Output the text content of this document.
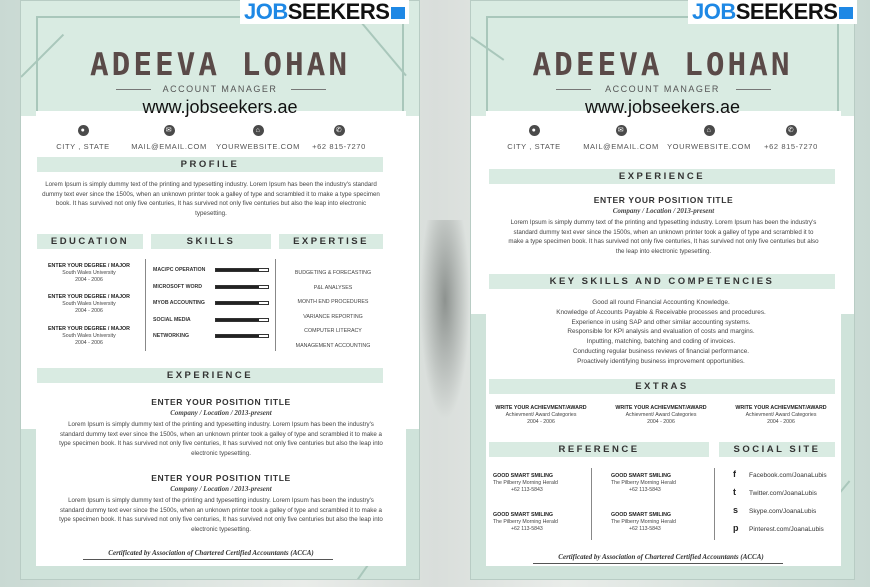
ADEEVA LOHAN
ACCOUNT MANAGER
www.jobseekers.ae
●
CITY , STATE
✉
MAIL@EMAIL.COM
⌂
YOURWEBSITE.COM
✆
+62 815-7270
PROFILE
Lorem Ipsum is simply dummy text of the printing and typesetting industry. Lorem Ipsum has been the industry's standard dummy text ever since the 1500s, when an unknown printer took a galley of type and scrambled it to make a type specimen book. It has survived not only five centuries, It has survived not only five centuries but also the leap into electronic typesetting.
EDUCATION	SKILLS	EXPERTISE
ENTER YOUR DEGREE / MAJOR
South Wales University
2004 - 2006
ENTER YOUR DEGREE / MAJOR
South Wales University
2004 - 2006
ENTER YOUR DEGREE / MAJOR
South Wales University
2004 - 2006
BUDGETING & FORECASTING
P&L ANALYSES
MONTH END PROCEDURES
VARIANCE REPORTING
COMPUTER LITERACY
MANAGEMENT ACCOUNTING
EXPERIENCE
ENTER YOUR POSITION TITLE
Company / Location / 2013-present
Lorem Ipsum is simply dummy text of the printing and typesetting industry. Lorem Ipsum has been the industry's standard dummy text ever since the 1500s, when an unknown printer took a galley of type and scrambled it to make a type specimen book. It has survived not only five centuries, It has survived not only five centuries but also the leap into electronic typesetting.
ENTER YOUR POSITION TITLE
Company / Location / 2013-present
Lorem Ipsum is simply dummy text of the printing and typesetting industry. Lorem Ipsum has been the industry's standard dummy text ever since the 1500s, when an unknown printer took a galley of type and scrambled it to make a type specimen book. It has survived not only five centuries, It has survived not only five centuries but also the leap into electronic typesetting.
Certificated by Association of Chartered Certified Accountants (ACCA)
MAC/PC OPERATION
MICROSOFT WORD
MYOB ACCOUNTING
SOCIAL MEDIA
NETWORKING
ADEEVA LOHAN
ACCOUNT MANAGER
www.jobseekers.ae
●
CITY , STATE
✉
MAIL@EMAIL.COM
⌂
YOURWEBSITE.COM
✆
+62 815-7270
EXPERIENCE
ENTER YOUR POSITION TITLE
Company / Location / 2013-present
Lorem Ipsum is simply dummy text of the printing and typesetting industry. Lorem Ipsum has been the industry's standard dummy text ever since the 1500s, when an unknown printer took a galley of type and scrambled it to make a type specimen book. It has survived not only five centuries, It has survived not only five centuries but also the leap into electronic typesetting.
KEY SKILLS AND COMPETENCIES
Good all round Financial Accounting Knowledge.
Knowledge of Accounts Payable & Receivable processes and procedures.
Experience in using SAP and other similar accounting systems.
Responsible for KPI analysis and evaluation of costs and margins.
Inputting, matching, batching and coding of invoices.
Conducting regular business reviews of financial performance.
Proactively identifying business improvement opportunities.
EXTRAS
WRITE YOUR ACHIEVMENT/AWARD
Achievment/ Award Categories
2004 - 2006
WRITE YOUR ACHIEVMENT/AWARD
Achievment/ Award Categories
2004 - 2006
WRITE YOUR ACHIEVMENT/AWARD
Achievment/ Award Categories
2004 - 2006
REFERENCE	SOCIAL SITE
GOOD SMART SMILING
The Pilberry Morning Herald
+62 113-5843
GOOD SMART SMILING
The Pilberry Morning Herald
+62 113-5843
GOOD SMART SMILING
The Pilberry Morning Herald
+62 113-5843
GOOD SMART SMILING
The Pilberry Morning Herald
+62 113-5843
f Facebook.com/JoanaLubis
t Twitter.com/JoanaLubis
s Skype.com/JoanaLubis
p Pinterest.com/JoanaLubis
Certificated by Association of Chartered Certified Accountants (ACCA)
JOBSEEKERS	JOBSEEKERS
